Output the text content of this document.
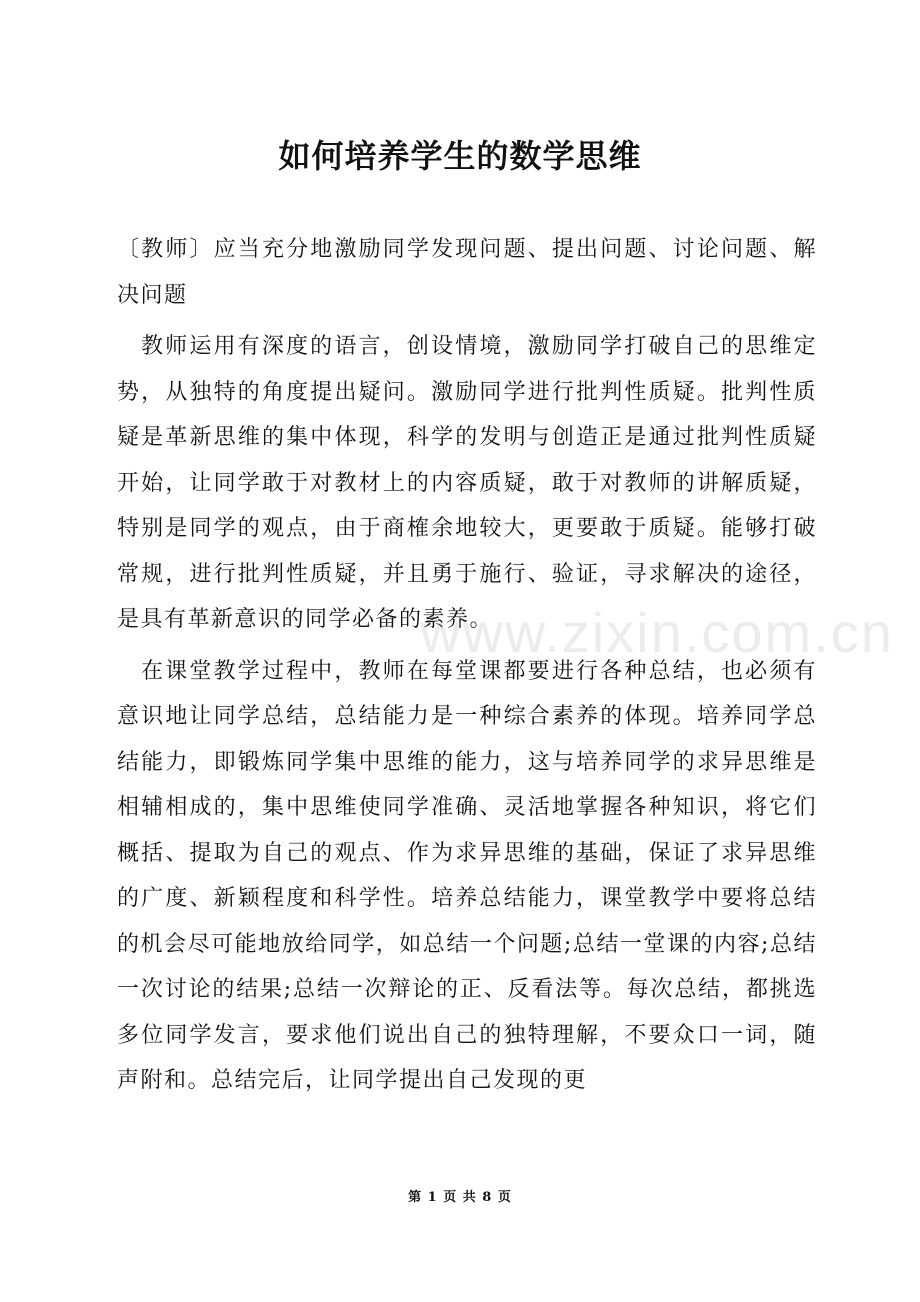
如何培养学生的数学思维

〔教师〕应当充分地激励同学发现问题、提出问题、讨论问题、解决问题

教师运用有深度的语言，创设情境，激励同学打破自己的思维定势，从独特的角度提出疑问。激励同学进行批判性质疑。批判性质疑是革新思维的集中体现，科学的发明与创造正是通过批判性质疑开始，让同学敢于对教材上的内容质疑，敢于对教师的讲解质疑，特别是同学的观点，由于商榷余地较大，更要敢于质疑。能够打破常规，进行批判性质疑，并且勇于施行、验证，寻求解决的途径，是具有革新意识的同学必备的素养。

在课堂教学过程中，教师在每堂课都要进行各种总结，也必须有意识地让同学总结，总结能力是一种综合素养的体现。培养同学总结能力，即锻炼同学集中思维的能力，这与培养同学的求异思维是相辅相成的，集中思维使同学准确、灵活地掌握各种知识，将它们概括、提取为自己的观点、作为求异思维的基础，保证了求异思维的广度、新颖程度和科学性。培养总结能力，课堂教学中要将总结的机会尽可能地放给同学，如总结一个问题;总结一堂课的内容;总结一次讨论的结果;总结一次辩论的正、反看法等。每次总结，都挑选多位同学发言，要求他们说出自己的独特理解，不要众口一词，随声附和。总结完后，让同学提出自己发现的更

www.zixin.com.cn
第 1 页 共 8 页
